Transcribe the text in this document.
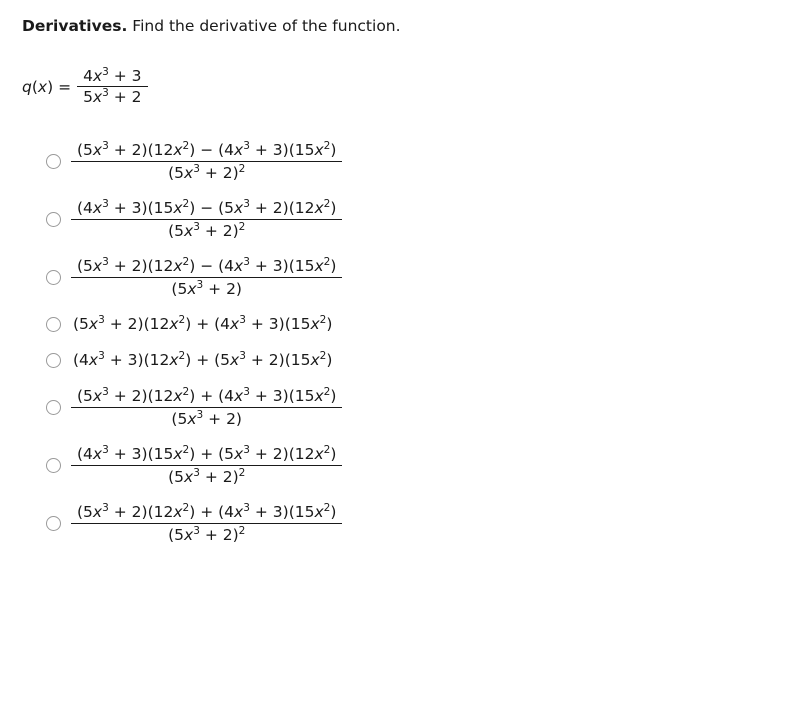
Derivatives. Find the derivative of the function.
$q(x) = \frac{4x^3 + 3}{5x^3 + 2}$
$\frac{(5x^3 + 2)(12x^2) - (4x^3 + 3)(15x^2)}{(5x^3 + 2)^2}$
$\frac{(4x^3 + 3)(15x^2) - (5x^3 + 2)(12x^2)}{(5x^3 + 2)^2}$
$\frac{(5x^3 + 2)(12x^2) - (4x^3 + 3)(15x^2)}{(5x^3 + 2)}$
$(5x^3 + 2)(12x^2) + (4x^3 + 3)(15x^2)$
$(4x^3 + 3)(12x^2) + (5x^3 + 2)(15x^2)$
$\frac{(5x^3 + 2)(12x^2) + (4x^3 + 3)(15x^2)}{(5x^3 + 2)}$
$\frac{(4x^3 + 3)(15x^2) + (5x^3 + 2)(12x^2)}{(5x^3 + 2)^2}$
$\frac{(5x^3 + 2)(12x^2) + (4x^3 + 3)(15x^2)}{(5x^3 + 2)^2}$
